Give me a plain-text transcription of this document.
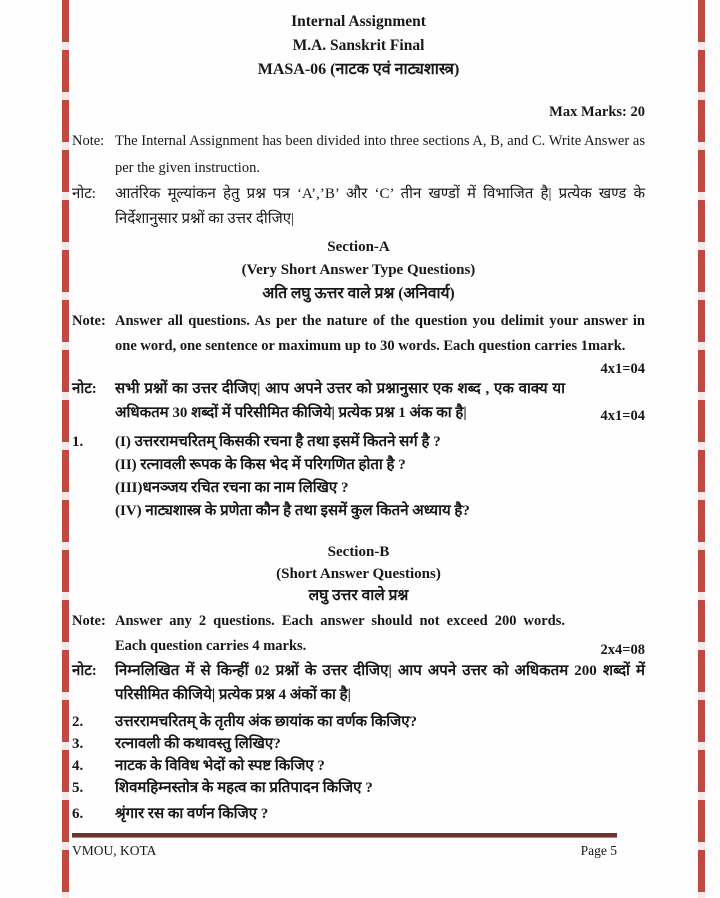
Internal Assignment
M.A. Sanskrit Final
MASA-06 (नाटक एवं नाट्यशास्त्र)
Max Marks: 20
Note: The Internal Assignment has been divided into three sections A, B, and C. Write Answer as per the given instruction.
नोट:	आतंरिक मूल्यांकन हेतु प्रश्न पत्र ‘A’,’B’ और ‘C’ तीन खण्डों में विभाजित है| प्रत्येक खण्ड के निर्देशानुसार प्रश्नों का उत्तर दीजिए|
Section-A
(Very Short Answer Type Questions)
अति लघु ऊत्तर वाले प्रश्न (अनिवार्य)
Note: Answer all questions. As per the nature of the question you delimit your answer in one word, one sentence or maximum up to 30 words. Each question carries 1mark.
4x1=04
नोट:	सभी प्रश्नों का उत्तर दीजिए| आप अपने उत्तर को प्रश्नानुसार एक शब्द , एक वाक्य या अधिकतम 30 शब्दों में परिसीमित कीजिये| प्रत्येक प्रश्न 1 अंक का है|	4x1=04
1.	(I) उत्तररामचरितम् किसकी रचना है तथा इसमें कितने सर्ग है ?
(II) रत्नावली रूपक के किस भेद में परिगणित होता है ?
(III)धनञ्जय रचित रचना का नाम लिखिए ?
(IV) नाट्यशास्त्र के प्रणेता कौन है तथा इसमें कुल कितने अध्याय है?
Section-B
(Short Answer Questions)
लघु उत्तर वाले प्रश्न
Note: Answer any 2 questions. Each answer should not exceed 200 words. Each question carries 4 marks.	2x4=08
नोट:	निम्नलिखित में से किन्हीं 02 प्रश्नों के उत्तर दीजिए| आप अपने उत्तर को अधिकतम 200 शब्दों में परिसीमित कीजिये| प्रत्येक प्रश्न 4 अंकों का है|
2.	उत्तररामचरितम् के तृतीय अंक छायांक का वर्णक किजिए?
3.	रत्नावली की कथावस्तु लिखिए?
4.	नाटक के विविध भेदों को स्पष्ट किजिए ?
5.	शिवमहिम्नस्तोत्र के महत्व का प्रतिपादन किजिए ?
6.	श्रृंगार रस का वर्णन किजिए ?
VMOU, KOTA	Page 5
